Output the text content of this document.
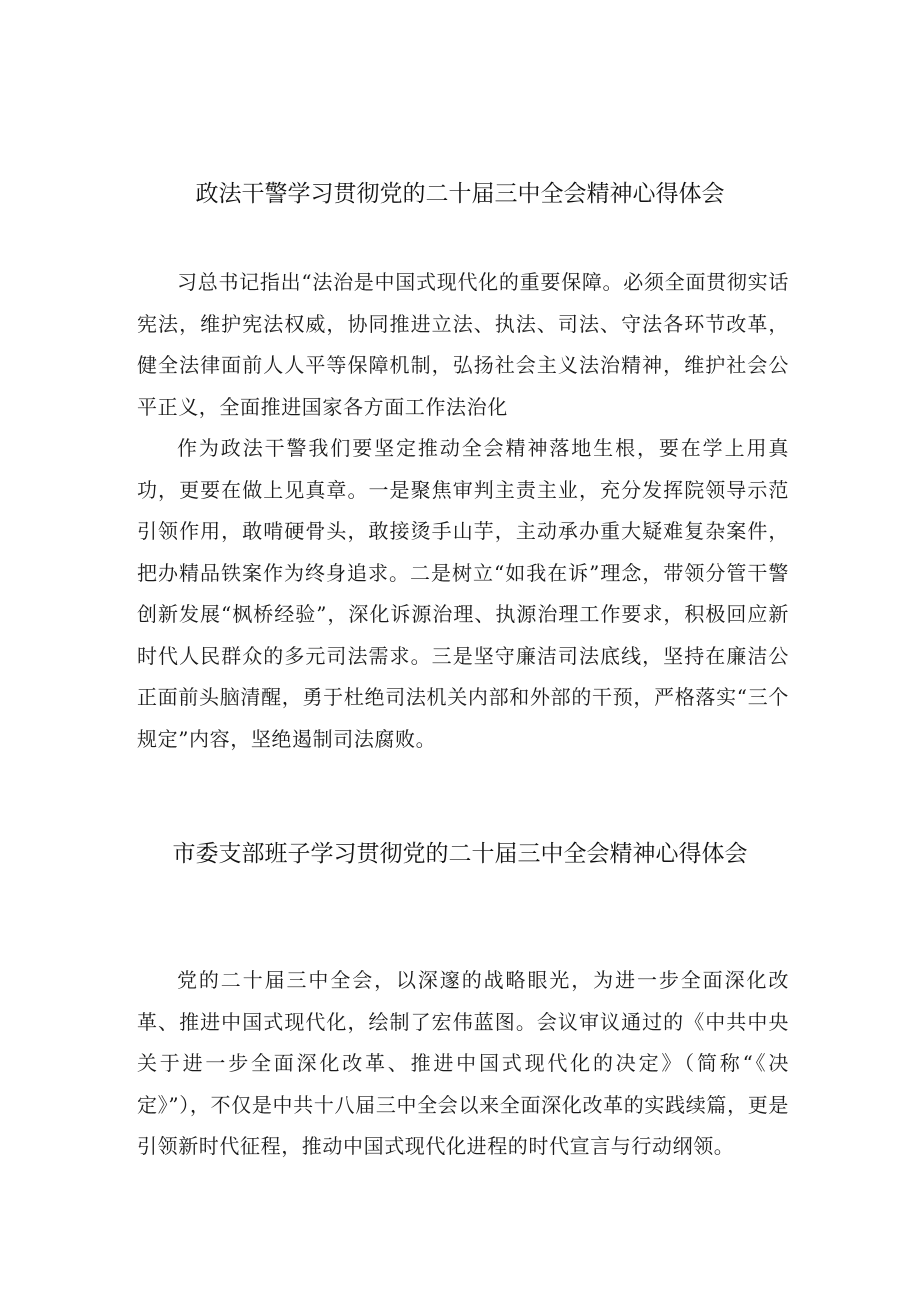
政法干警学习贯彻党的二十届三中全会精神心得体会

习总书记指出“法治是中国式现代化的重要保障。必须全面贯彻实话宪法，维护宪法权威，协同推进立法、执法、司法、守法各环节改革，健全法律面前人人平等保障机制，弘扬社会主义法治精神，维护社会公平正义，全面推进国家各方面工作法治化

作为政法干警我们要坚定推动全会精神落地生根，要在学上用真功，更要在做上见真章。一是聚焦审判主责主业，充分发挥院领导示范引领作用，敢啃硬骨头，敢接烫手山芋，主动承办重大疑难复杂案件，把办精品铁案作为终身追求。二是树立“如我在诉”理念，带领分管干警创新发展“枫桥经验”，深化诉源治理、执源治理工作要求，积极回应新时代人民群众的多元司法需求。三是坚守廉洁司法底线，坚持在廉洁公正面前头脑清醒，勇于杜绝司法机关内部和外部的干预，严格落实“三个规定”内容，坚绝遏制司法腐败。

市委支部班子学习贯彻党的二十届三中全会精神心得体会

党的二十届三中全会，以深邃的战略眼光，为进一步全面深化改革、推进中国式现代化，绘制了宏伟蓝图。会议审议通过的《中共中央关于进一步全面深化改革、推进中国式现代化的决定》（简称“《决定》”），不仅是中共十八届三中全会以来全面深化改革的实践续篇，更是引领新时代征程，推动中国式现代化进程的时代宣言与行动纲领。
